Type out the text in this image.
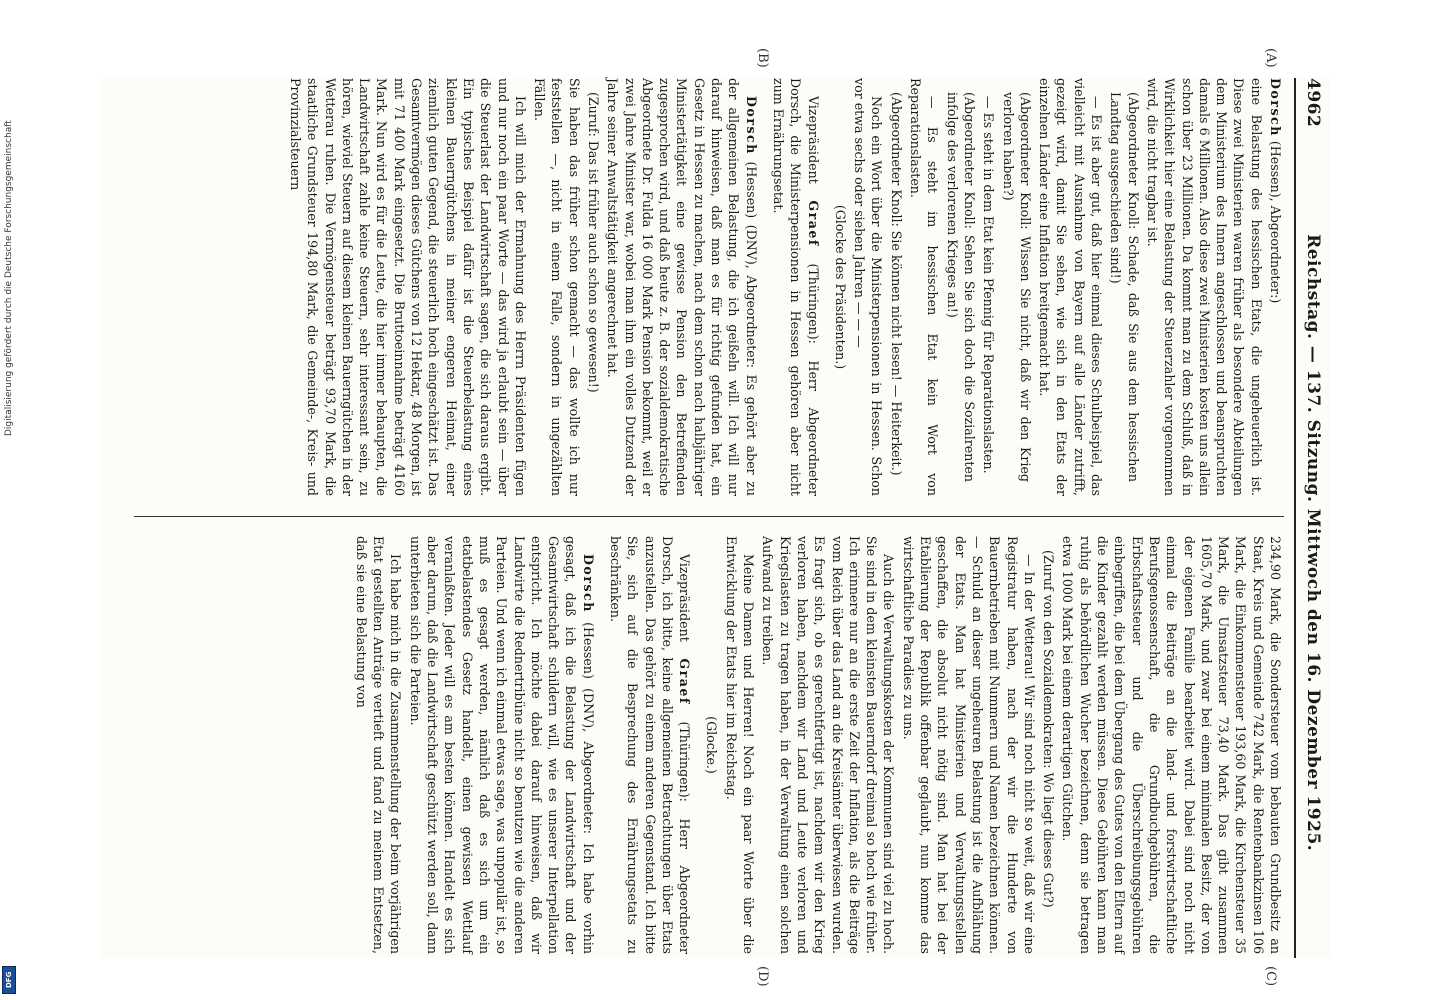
Digitalisierung gefördert durch die Deutsche Forschungsgemeinschaft
DFG
4962
Reichstag. — 137. Sitzung. Mittwoch den 16. Dezember 1925.
(A)
(B)
(C)
(D)

Dorsch (Hessen), Abgeordneter:)

eine Belastung des hessischen Etats, die ungeheuerlich ist. Diese zwei Ministerien waren früher als besondere Abteilungen dem Ministerium des Innern angeschlossen und beanspruchten damals 6 Millionen. Also diese zwei Ministerien kosten uns allein schon über 23 Millionen. Da kommt man zu dem Schluß, daß in Wirklichkeit hier eine Belastung der Steuerzahler vorgenommen wird, die nicht tragbar ist.

(Abgeordneter Knoll: Schade, daß Sie aus dem hessischen Landtag ausgeschieden sind!)

— Es ist aber gut, daß hier einmal dieses Schulbeispiel, das vielleicht mit Ausnahme von Bayern auf alle Länder zutrifft, gezeigt wird, damit Sie sehen, wie sich in den Etats der einzelnen Länder eine Inflation breitgemacht hat.

(Abgeordneter Knoll: Wissen Sie nicht, daß wir den Krieg verloren haben?)

— Es steht in dem Etat kein Pfennig für Reparationslasten.

(Abgeordneter Knoll: Sehen Sie sich doch die Sozialrenten infolge des verlorenen Krieges an!)

— Es steht im hessischen Etat kein Wort von Reparationslasten.

(Abgeordneter Knoll: Sie können nicht lesen! — Heiterkeit.)

Noch ein Wort über die Ministerpensionen in Hessen. Schon vor etwa sechs oder sieben Jahren — — —

(Glocke des Präsidenten.)

Vizepräsident Graef (Thüringen): Herr Abgeordneter Dorsch, die Ministerpensionen in Hessen gehören aber nicht zum Ernährungsetat.

Dorsch (Hessen) (DNV), Abgeordneter: Es gehört aber zu der allgemeinen Belastung, die ich geißeln will. Ich will nur darauf hinweisen, daß man es für richtig gefunden hat, ein Gesetz in Hessen zu machen, nach dem schon nach halbjähriger Ministertätigkeit eine gewisse Pension den Betreffenden zugesprochen wird, und daß heute z. B. der sozialdemokratische Abgeordnete Dr. Fulda 16 000 Mark Pension bekommt, weil er zwei Jahre Minister war, wobei man ihm ein volles Dutzend der Jahre seiner Anwaltstätigkeit angerechnet hat.

(Zuruf: Das ist früher auch schon so gewesen!)

Sie haben das früher schon gemacht — das wollte ich nur feststellen —, nicht in einem Falle, sondern in ungezählten Fällen.

Ich will mich der Ermahnung des Herrn Präsidenten fügen und nur noch ein paar Worte — das wird ja erlaubt sein — über die Steuerlast der Landwirtschaft sagen, die sich daraus ergibt. Ein typisches Beispiel dafür ist die Steuerbelastung eines kleinen Bauerngütchens in meiner engeren Heimat, einer ziemlich guten Gegend, die steuerlich hoch eingeschätzt ist. Das Gesamtvermögen dieses Gütchens von 12 Hektar, 48 Morgen, ist mit 71 400 Mark eingesetzt. Die Bruttoeinnahme beträgt 4160 Mark. Nun wird es für die Leute, die hier immer behaupten, die Landwirtschaft zahle keine Steuern, sehr interessant sein, zu hören, wieviel Steuern auf diesem kleinen Bauerngütchen in der Wetterau ruhen. Die Vermögensteuer beträgt 93,70 Mark, die staatliche Grundsteuer 194,80 Mark, die Gemeinde-, Kreis- und Provinzialsteuern

234,90 Mark, die Sondersteuer vom bebauten Grundbesitz an Staat, Kreis und Gemeinde 742 Mark, die Rentenbankzinsen 106 Mark, die Einkommensteuer 193,60 Mark, die Kirchensteuer 35 Mark, die Umsatzsteuer 73,40 Mark. Das gibt zusammen 1605,70 Mark, und zwar bei einem minimalen Besitz, der von der eigenen Familie bearbeitet wird. Dabei sind noch nicht einmal die Beiträge an die land- und forstwirtschaftliche Berufsgenossenschaft, die Grundbuchgebühren, die Erbschaftssteuer und die Überschreibungsgebühren einbegriffen, die bei dem Übergang des Gutes von den Eltern auf die Kinder gezahlt werden müssen. Diese Gebühren kann man ruhig als behördlichen Wucher bezeichnen, denn sie betragen etwa 1000 Mark bei einem derartigen Gütchen.

(Zuruf von den Sozialdemokraten: Wo liegt dieses Gut?)

— In der Wetterau! Wir sind noch nicht so weit, daß wir eine Registratur haben, nach der wir die Hunderte von Bauernbetrieben mit Nummern und Namen bezeichnen können. — Schuld an dieser ungeheuren Belastung ist die Aufblähung der Etats. Man hat Ministerien und Verwaltungsstellen geschaffen, die absolut nicht nötig sind. Man hat bei der Etablierung der Republik offenbar geglaubt, nun komme das wirtschaftliche Paradies zu uns.

Auch die Verwaltungskosten der Kommunen sind viel zu hoch. Sie sind in dem kleinsten Bauerndorf dreimal so hoch wie früher. Ich erinnere nur an die erste Zeit der Inflation, als die Beiträge vom Reich über das Land an die Kreisämter überwiesen wurden. Es fragt sich, ob es gerechtfertigt ist, nachdem wir den Krieg verloren haben, nachdem wir Land und Leute verloren und Kriegslasten zu tragen haben, in der Verwaltung einen solchen Aufwand zu treiben.

Meine Damen und Herren! Noch ein paar Worte über die Entwicklung der Etats hier im Reichstag.

(Glocke.)

Vizepräsident Graef (Thüringen): Herr Abgeordneter Dorsch, ich bitte, keine allgemeinen Betrachtungen über Etats anzustellen. Das gehört zu einem anderen Gegenstand. Ich bitte Sie, sich auf die Besprechung des Ernährungsetats zu beschränken.

Dorsch (Hessen) (DNV), Abgeordneter: Ich habe vorhin gesagt, daß ich die Belastung der Landwirtschaft und der Gesamtwirtschaft schildern will, wie es unserer Interpellation entspricht. Ich möchte dabei darauf hinweisen, daß wir Landwirte die Rednertribüne nicht so benutzen wie die anderen Parteien. Und wenn ich einmal etwas sage, was unpopulär ist, so muß es gesagt werden, nämlich daß es sich um ein etatbelastendes Gesetz handelt, einen gewissen Wettlauf veranlaßten. Jeder will es am besten können. Handelt es sich aber darum, daß die Landwirtschaft geschützt werden soll, dann unterbieten sich die Parteien.

Ich habe mich in die Zusammenstellung der beim vorjährigen Etat gestellten Anträge vertieft und fand zu meinem Entsetzen, daß sie eine Belastung von
